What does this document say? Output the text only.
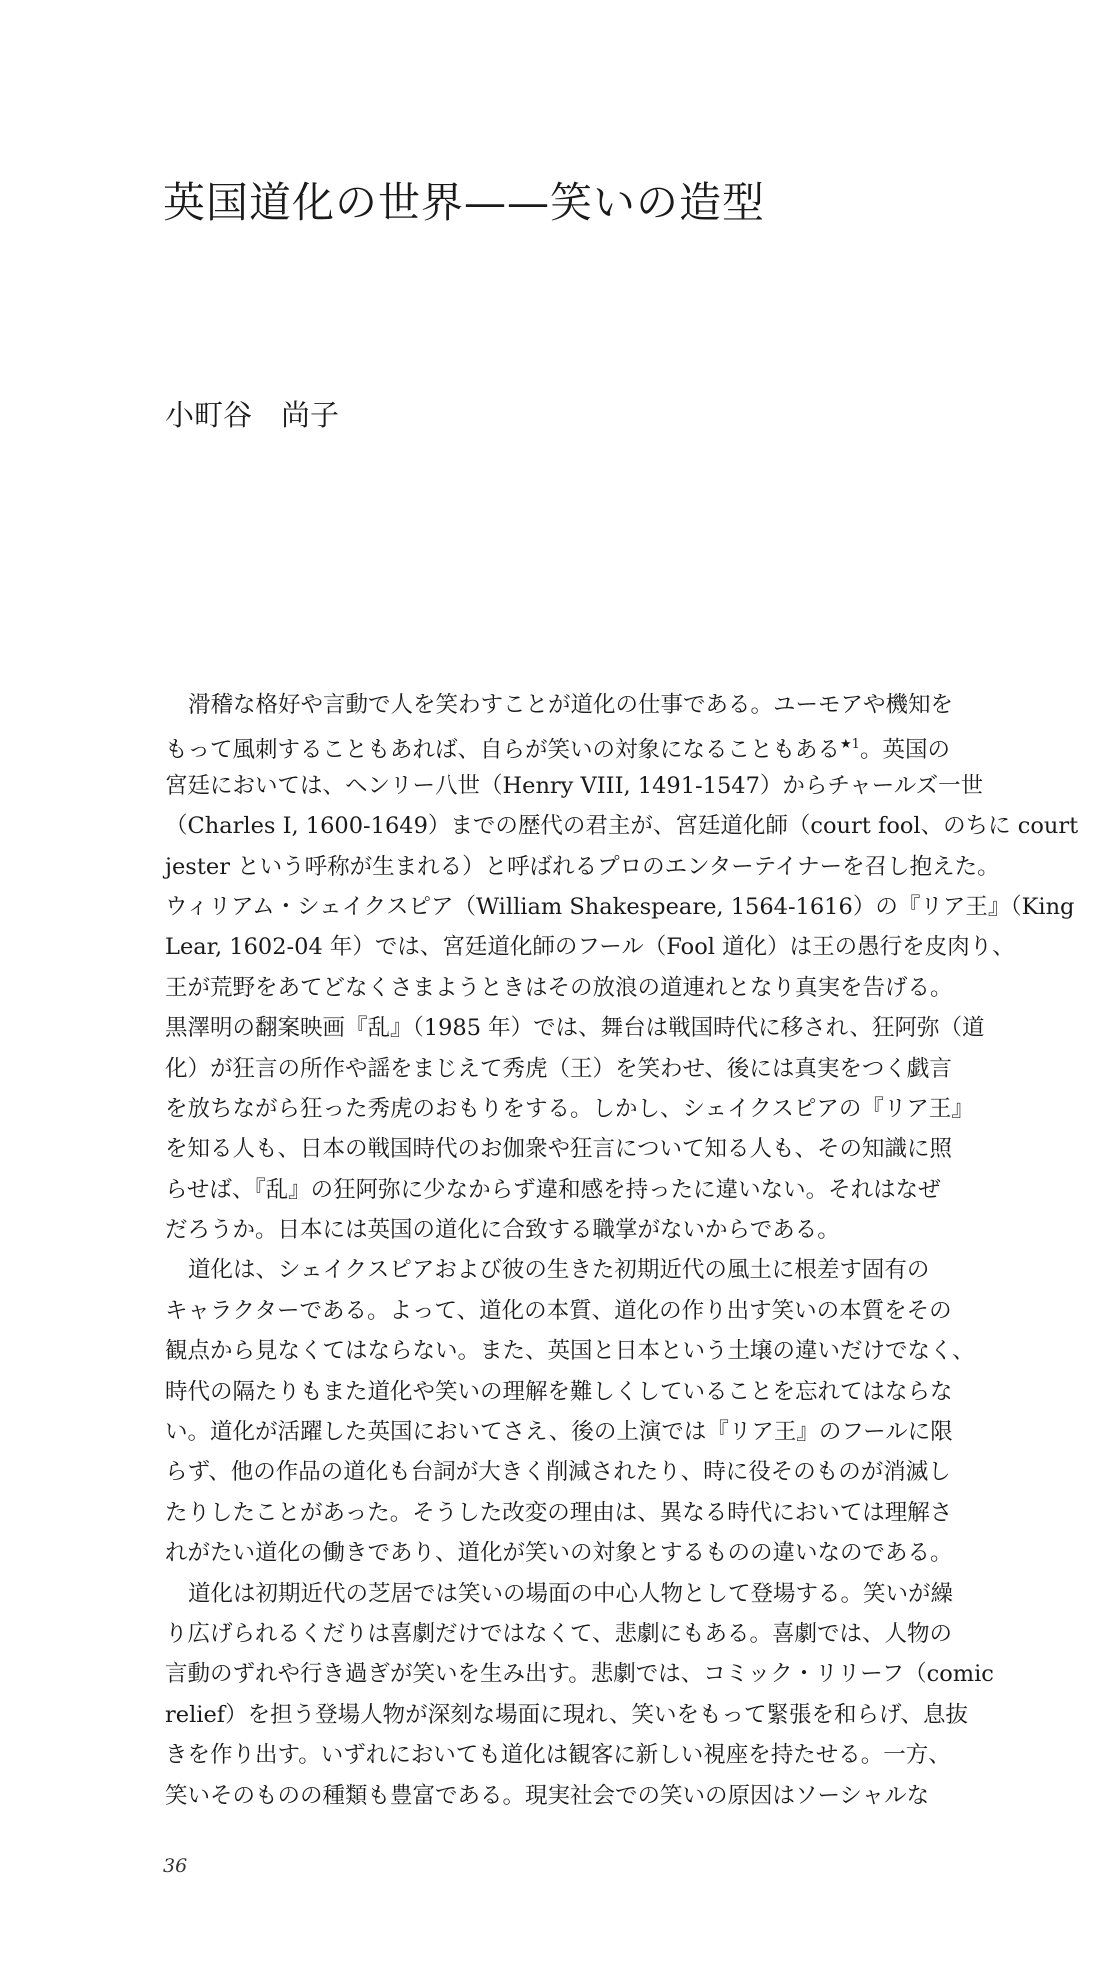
英国道化の世界——笑いの造型
小町谷　尚子
滑稽な格好や言動で人を笑わすことが道化の仕事である。ユーモアや機知を
もって風刺することもあれば、自らが笑いの対象になることもある$^{★1}$。英国の
宮廷においては、ヘンリー八世（Henry VIII, 1491-1547）からチャールズ一世
（Charles I, 1600-1649）までの歴代の君主が、宮廷道化師（court fool、のちに court
jester という呼称が生まれる）と呼ばれるプロのエンターテイナーを召し抱えた。
ウィリアム・シェイクスピア（William Shakespeare, 1564-1616）の『リア王』（King
Lear, 1602-04 年）では、宮廷道化師のフール（Fool 道化）は王の愚行を皮肉り、
王が荒野をあてどなくさまようときはその放浪の道連れとなり真実を告げる。
黒澤明の翻案映画『乱』（1985 年）では、舞台は戦国時代に移され、狂阿弥（道
化）が狂言の所作や謡をまじえて秀虎（王）を笑わせ、後には真実をつく戯言
を放ちながら狂った秀虎のおもりをする。しかし、シェイクスピアの『リア王』
を知る人も、日本の戦国時代のお伽衆や狂言について知る人も、その知識に照
らせば、『乱』の狂阿弥に少なからず違和感を持ったに違いない。それはなぜ
だろうか。日本には英国の道化に合致する職掌がないからである。
道化は、シェイクスピアおよび彼の生きた初期近代の風土に根差す固有の
キャラクターである。よって、道化の本質、道化の作り出す笑いの本質をその
観点から見なくてはならない。また、英国と日本という土壌の違いだけでなく、
時代の隔たりもまた道化や笑いの理解を難しくしていることを忘れてはならな
い。道化が活躍した英国においてさえ、後の上演では『リア王』のフールに限
らず、他の作品の道化も台詞が大きく削減されたり、時に役そのものが消滅し
たりしたことがあった。そうした改変の理由は、異なる時代においては理解さ
れがたい道化の働きであり、道化が笑いの対象とするものの違いなのである。
道化は初期近代の芝居では笑いの場面の中心人物として登場する。笑いが繰
り広げられるくだりは喜劇だけではなくて、悲劇にもある。喜劇では、人物の
言動のずれや行き過ぎが笑いを生み出す。悲劇では、コミック・リリーフ（comic
relief）を担う登場人物が深刻な場面に現れ、笑いをもって緊張を和らげ、息抜
きを作り出す。いずれにおいても道化は観客に新しい視座を持たせる。一方、
笑いそのものの種類も豊富である。現実社会での笑いの原因はソーシャルな
36
